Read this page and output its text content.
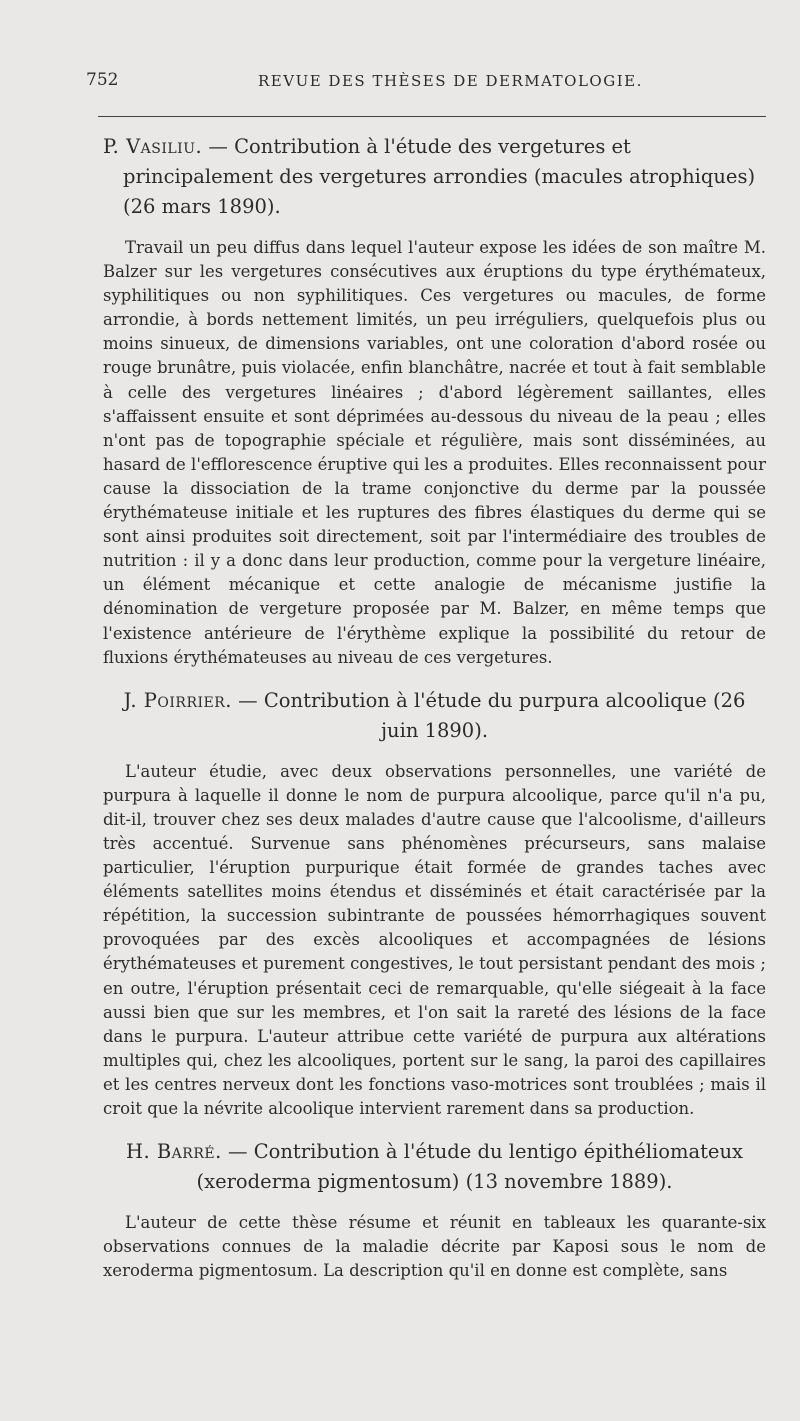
752	REVUE DES THÈSES DE DERMATOLOGIE.

P. Vasiliu. — Contribution à l'étude des vergetures et principalement des vergetures arrondies (macules atrophiques) (26 mars 1890).

Travail un peu diffus dans lequel l'auteur expose les idées de son maître M. Balzer sur les vergetures consécutives aux éruptions du type érythémateux, syphilitiques ou non syphilitiques. Ces vergetures ou macules, de forme arrondie, à bords nettement limités, un peu irréguliers, quelquefois plus ou moins sinueux, de dimensions variables, ont une coloration d'abord rosée ou rouge brunâtre, puis violacée, enfin blanchâtre, nacrée et tout à fait semblable à celle des vergetures linéaires ; d'abord légèrement saillantes, elles s'affaissent ensuite et sont déprimées au-dessous du niveau de la peau ; elles n'ont pas de topographie spéciale et régulière, mais sont disséminées, au hasard de l'efflorescence éruptive qui les a produites. Elles reconnaissent pour cause la dissociation de la trame conjonctive du derme par la poussée érythémateuse initiale et les ruptures des fibres élastiques du derme qui se sont ainsi produites soit directement, soit par l'intermédiaire des troubles de nutrition : il y a donc dans leur production, comme pour la vergeture linéaire, un élément mécanique et cette analogie de mécanisme justifie la dénomination de vergeture proposée par M. Balzer, en même temps que l'existence antérieure de l'érythème explique la possibilité du retour de fluxions érythémateuses au niveau de ces vergetures.

J. Poirrier. — Contribution à l'étude du purpura alcoolique (26 juin 1890).

L'auteur étudie, avec deux observations personnelles, une variété de purpura à laquelle il donne le nom de purpura alcoolique, parce qu'il n'a pu, dit-il, trouver chez ses deux malades d'autre cause que l'alcoolisme, d'ailleurs très accentué. Survenue sans phénomènes précurseurs, sans malaise particulier, l'éruption purpurique était formée de grandes taches avec éléments satellites moins étendus et disséminés et était caractérisée par la répétition, la succession subintrante de poussées hémorrhagiques souvent provoquées par des excès alcooliques et accompagnées de lésions érythémateuses et purement congestives, le tout persistant pendant des mois ; en outre, l'éruption présentait ceci de remarquable, qu'elle siégeait à la face aussi bien que sur les membres, et l'on sait la rareté des lésions de la face dans le purpura. L'auteur attribue cette variété de purpura aux altérations multiples qui, chez les alcooliques, portent sur le sang, la paroi des capillaires et les centres nerveux dont les fonctions vaso-motrices sont troublées ; mais il croit que la névrite alcoolique intervient rarement dans sa production.

H. Barré. — Contribution à l'étude du lentigo épithéliomateux (xeroderma pigmentosum) (13 novembre 1889).

L'auteur de cette thèse résume et réunit en tableaux les quarante-six observations connues de la maladie décrite par Kaposi sous le nom de xeroderma pigmentosum. La description qu'il en donne est complète, sans
